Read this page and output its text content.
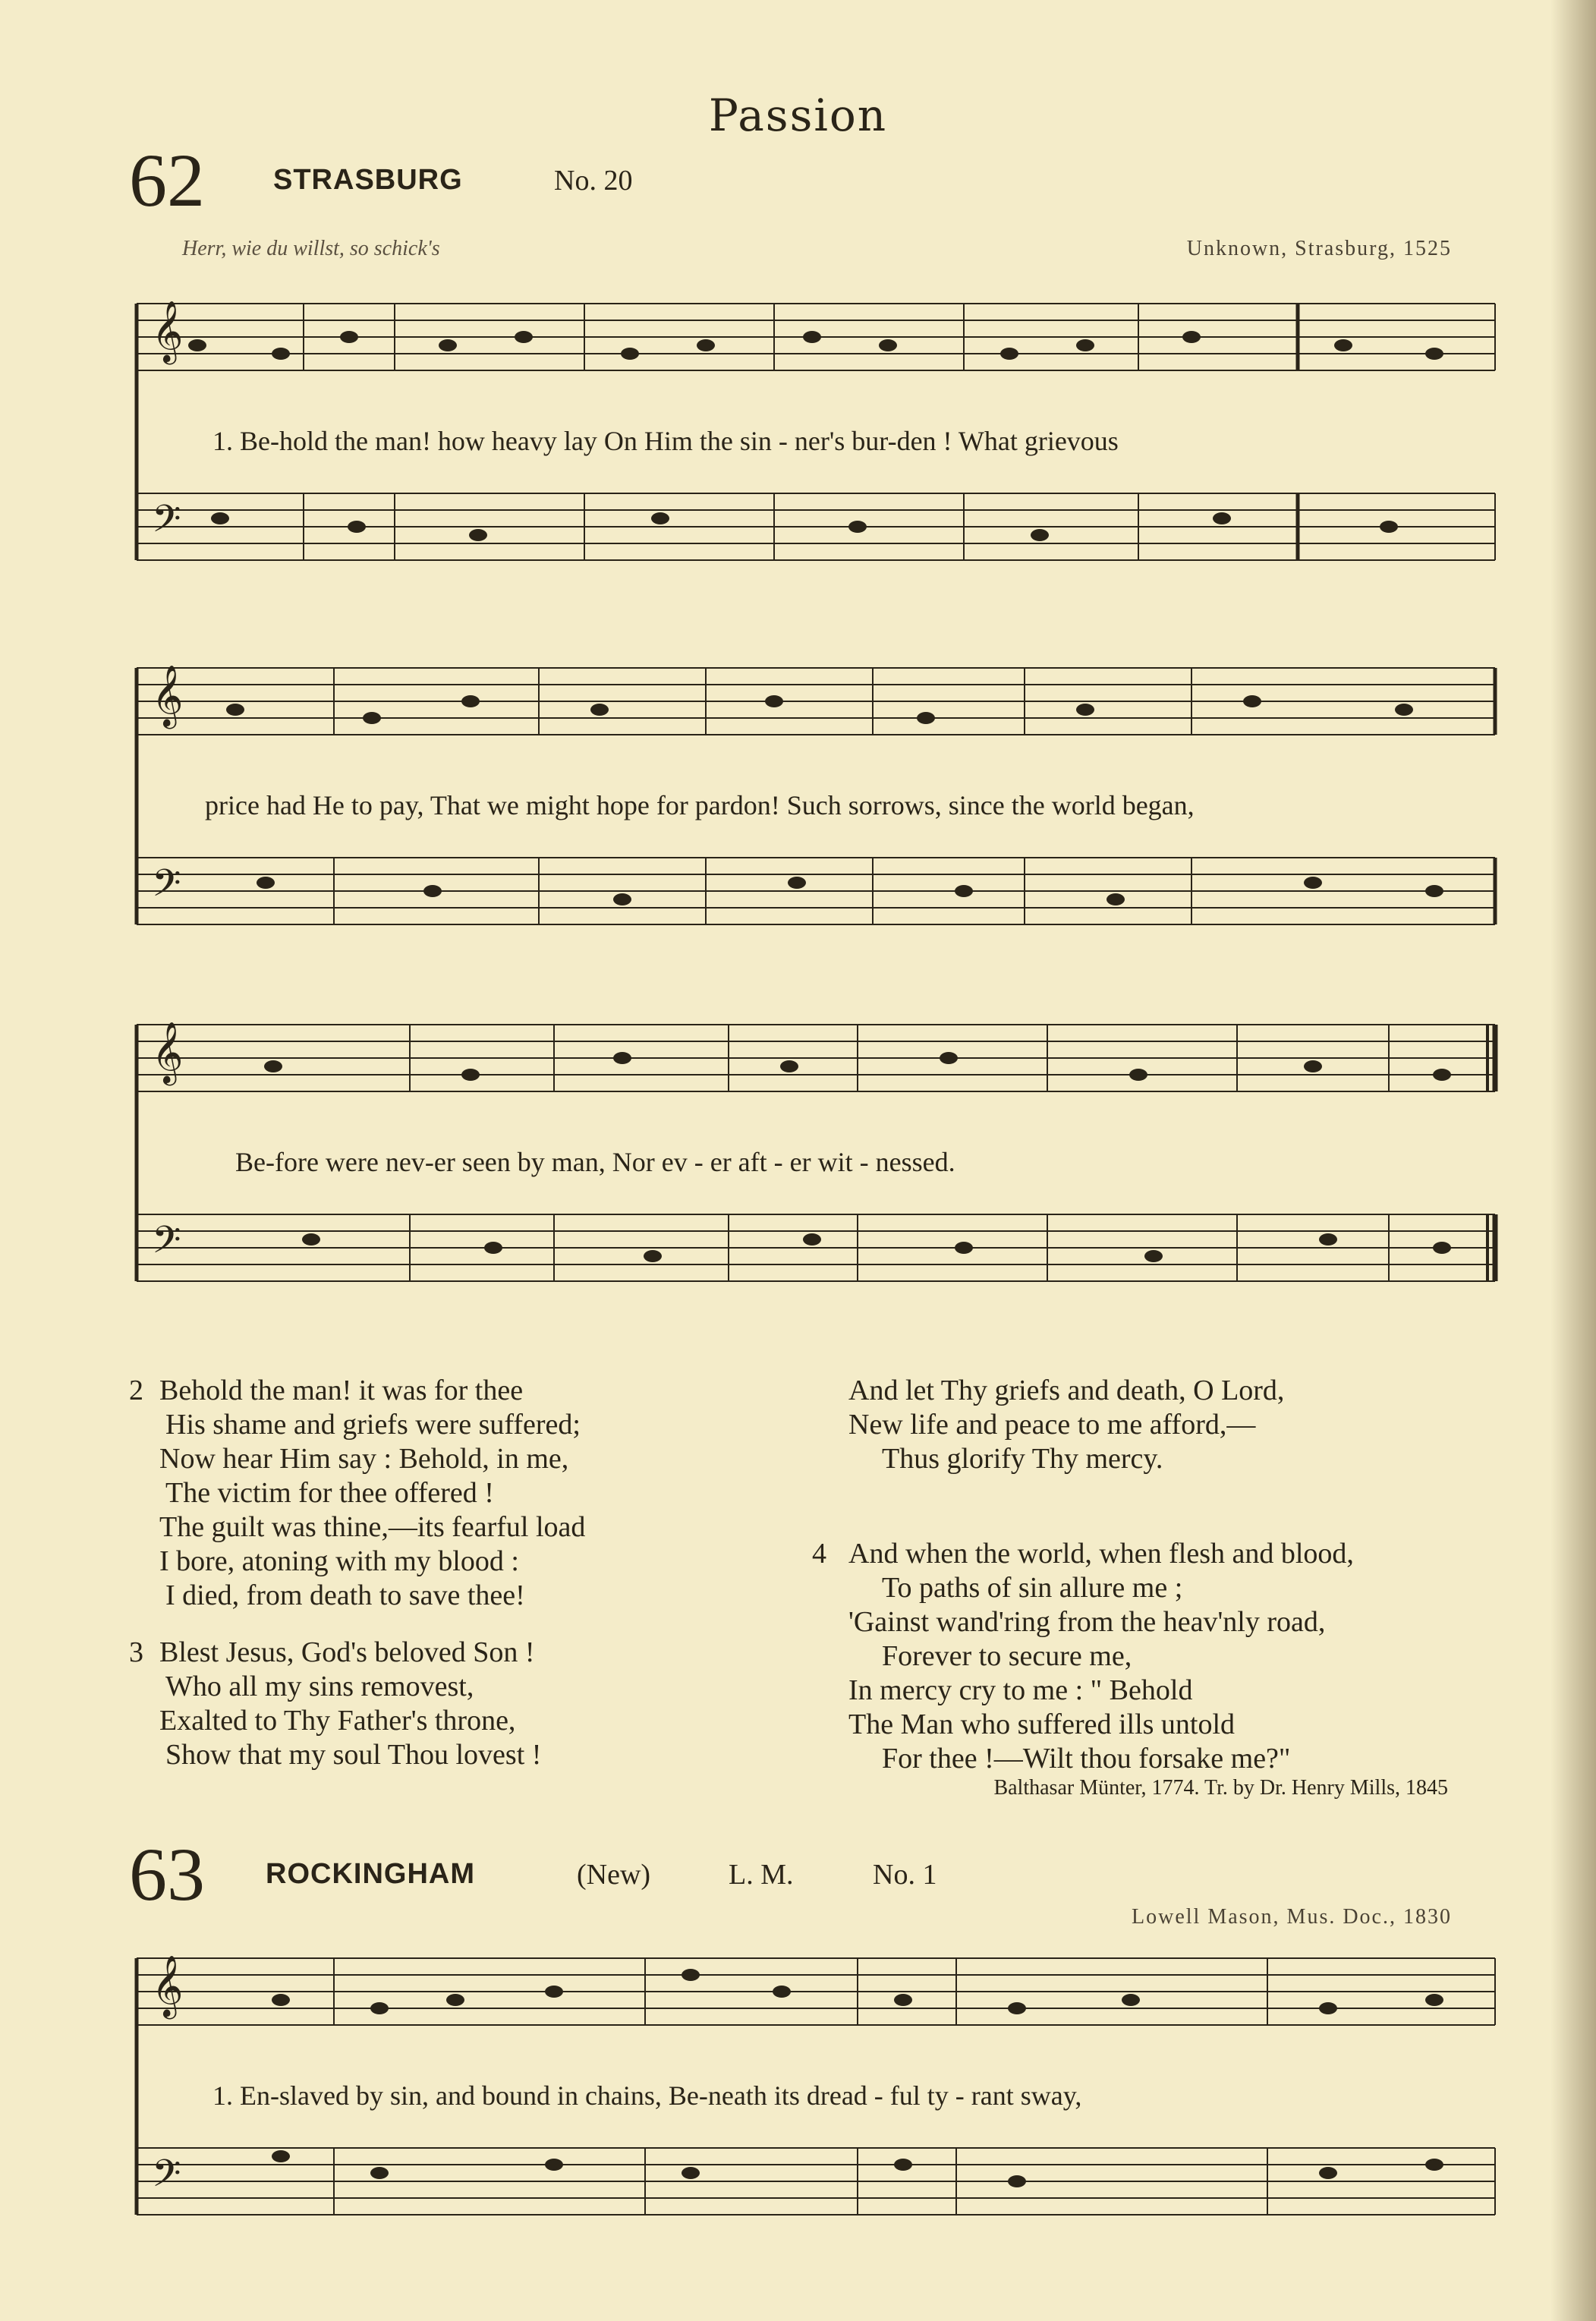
Passion
62 STRASBURG	No. 20
Herr, wie du willst, so schick's	Unknown, Strasburg, 1525
𝄞
𝄢
1. Be-hold the man! how heavy lay On Him the sin - ner's bur-den ! What grievous
𝄞
𝄢
price had He to pay, That we might hope for pardon! Such sorrows, since the world began,
𝄞
𝄢
Be-fore were nev-er seen by man, Nor ev - er aft - er wit - nessed.
2 Behold the man! it was for thee
His shame and griefs were suffered;
Now hear Him say : Behold, in me,
The victim for thee offered !
The guilt was thine,—its fearful load
I bore, atoning with my blood :
I died, from death to save thee!
3 Blest Jesus, God's beloved Son !
Who all my sins removest,
Exalted to Thy Father's throne,
Show that my soul Thou lovest !
And let Thy griefs and death, O Lord,
New life and peace to me afford,—
Thus glorify Thy mercy.
4 And when the world, when flesh and blood,
To paths of sin allure me ;
'Gainst wand'ring from the heav'nly road,
Forever to secure me,
In mercy cry to me : " Behold
The Man who suffered ills untold
For thee !—Wilt thou forsake me?"
Balthasar Münter, 1774. Tr. by Dr. Henry Mills, 1845
63 ROCKINGHAM	(New)	L. M.	No. 1
Lowell Mason, Mus. Doc., 1830
𝄞
𝄢
1. En-slaved by sin, and bound in chains, Be-neath its dread - ful ty - rant sway,
